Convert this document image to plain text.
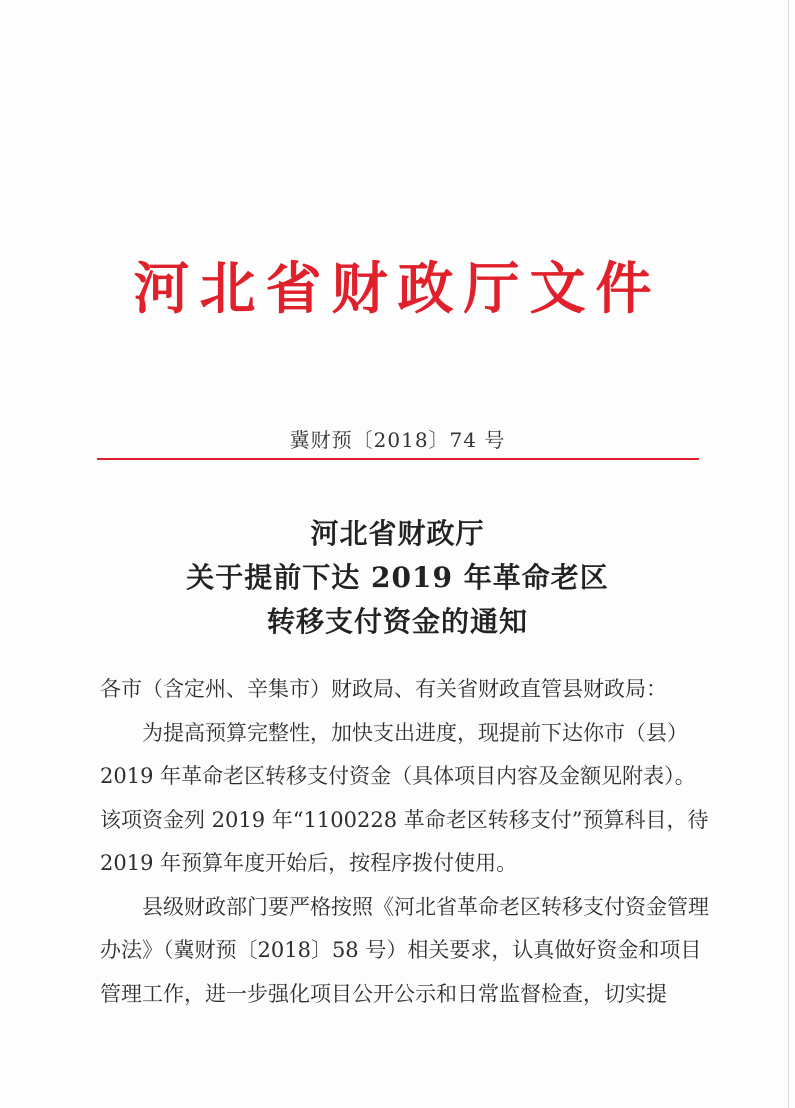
河北省财政厅文件
冀财预〔2018〕74 号
河北省财政厅
关于提前下达 2019 年革命老区
转移支付资金的通知

各市（含定州、辛集市）财政局、有关省财政直管县财政局：

为提高预算完整性，加快支出进度，现提前下达你市（县）2019 年革命老区转移支付资金（具体项目内容及金额见附表）。该项资金列 2019 年“1100228 革命老区转移支付”预算科目，待 2019 年预算年度开始后，按程序拨付使用。

县级财政部门要严格按照《河北省革命老区转移支付资金管理办法》（冀财预〔2018〕58 号）相关要求，认真做好资金和项目管理工作，进一步强化项目公开公示和日常监督检查，切实提
